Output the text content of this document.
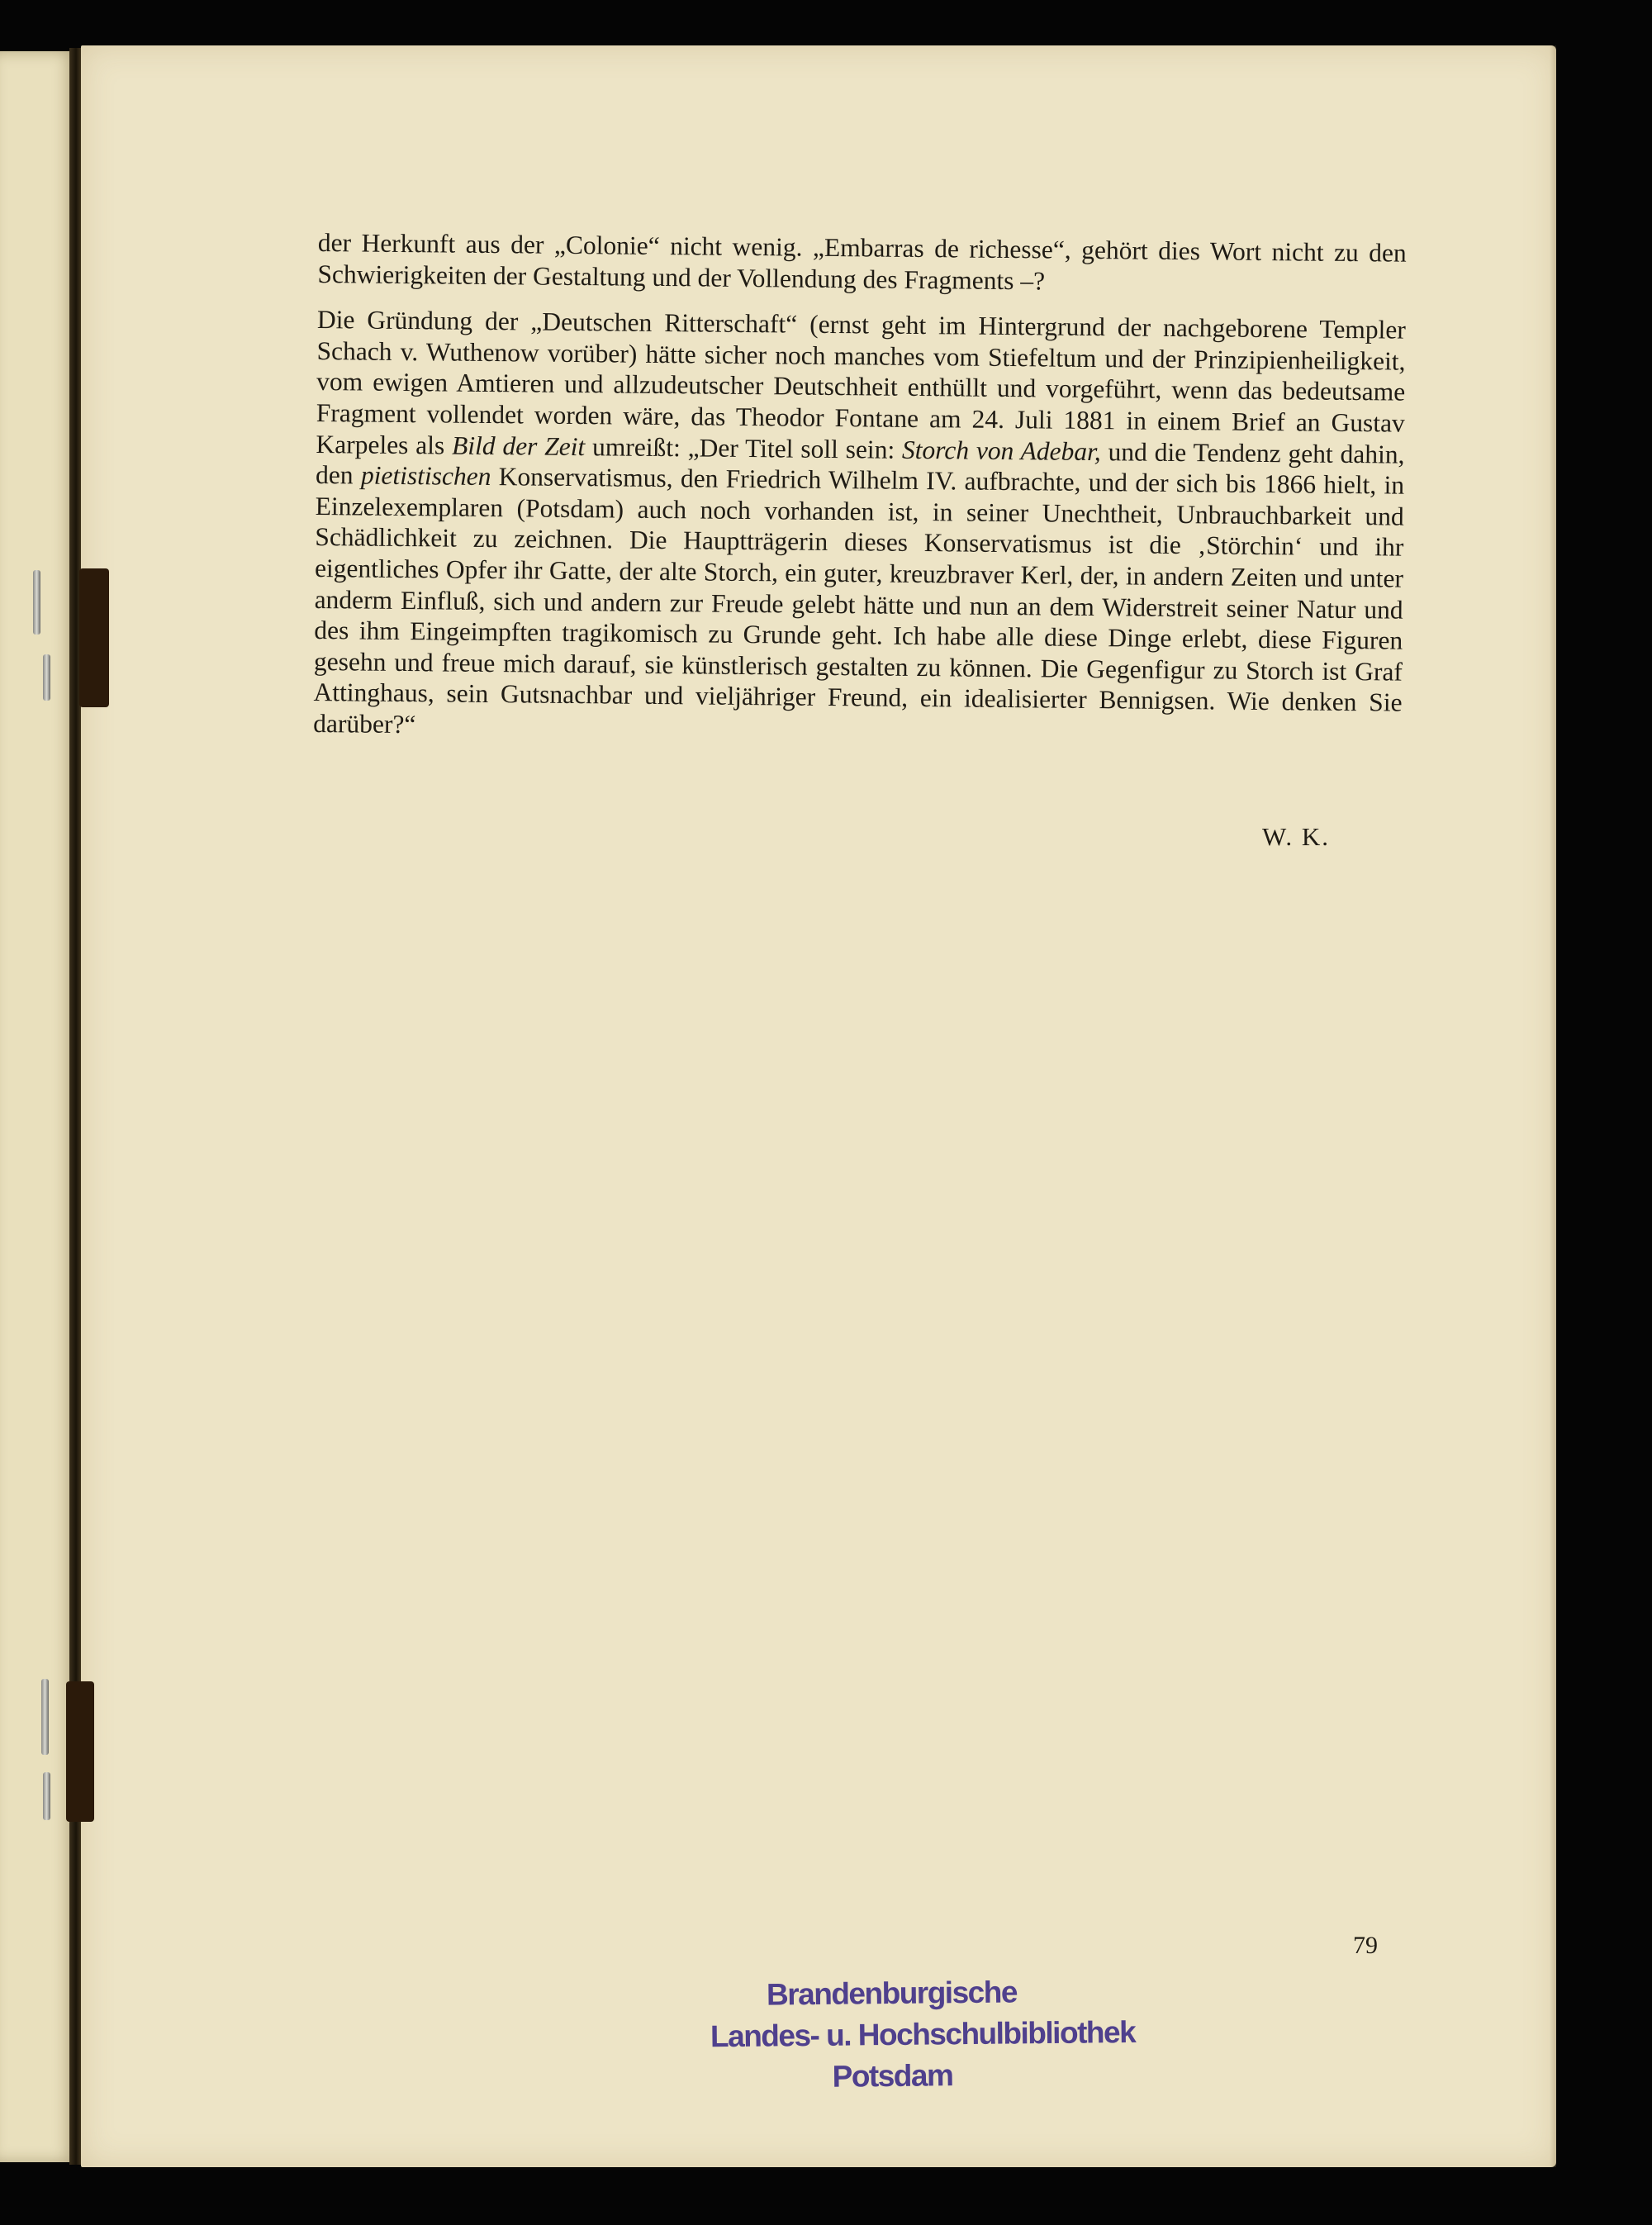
der Herkunft aus der „Colonie“ nicht wenig. „Embarras de richesse“, gehört dies Wort nicht zu den Schwierigkeiten der Gestaltung und der Vollendung des Fragments –?

Die Gründung der „Deutschen Ritterschaft“ (ernst geht im Hintergrund der nachgeborene Templer Schach v. Wuthenow vorüber) hätte sicher noch manches vom Stiefeltum und der Prinzipienheiligkeit, vom ewigen Amtieren und allzudeutscher Deutschheit enthüllt und vorgeführt, wenn das bedeutsame Fragment vollendet worden wäre, das Theodor Fontane am 24. Juli 1881 in einem Brief an Gustav Karpeles als Bild der Zeit umreißt: „Der Titel soll sein: Storch von Adebar, und die Tendenz geht dahin, den pietistischen Konservatismus, den Friedrich Wilhelm IV. aufbrachte, und der sich bis 1866 hielt, in Einzelexemplaren (Potsdam) auch noch vorhanden ist, in seiner Unechtheit, Unbrauchbarkeit und Schädlichkeit zu zeichnen. Die Hauptträgerin dieses Konservatismus ist die ‚Störchin‘ und ihr eigentliches Opfer ihr Gatte, der alte Storch, ein guter, kreuzbraver Kerl, der, in andern Zeiten und unter anderm Einfluß, sich und andern zur Freude gelebt hätte und nun an dem Widerstreit seiner Natur und des ihm Eingeimpften tragikomisch zu Grunde geht. Ich habe alle diese Dinge erlebt, diese Figuren gesehn und freue mich darauf, sie künstlerisch gestalten zu können. Die Gegenfigur zu Storch ist Graf Attinghaus, sein Gutsnachbar und vieljähriger Freund, ein idealisierter Bennigsen. Wie denken Sie darüber?“

W. K.
79
Brandenburgische
Landes- u. Hochschulbibliothek
Potsdam
